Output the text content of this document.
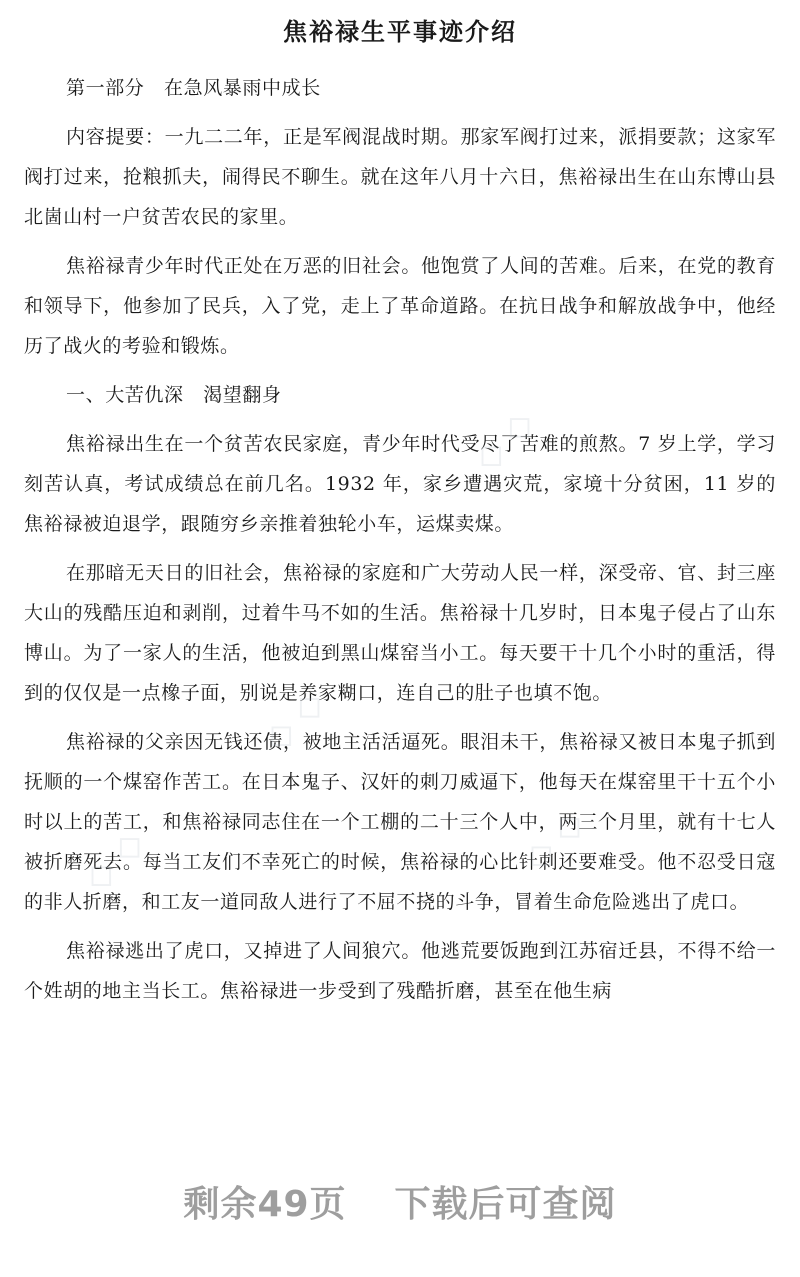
焦裕禄生平事迹介绍

第一部分　在急风暴雨中成长

内容提要：一九二二年，正是军阀混战时期。那家军阀打过来，派捐要款；这家军阀打过来，抢粮抓夫，闹得民不聊生。就在这年八月十六日，焦裕禄出生在山东博山县北崮山村一户贫苦农民的家里。

焦裕禄青少年时代正处在万恶的旧社会。他饱赏了人间的苦难。后来，在党的教育和领导下，他参加了民兵，入了党，走上了革命道路。在抗日战争和解放战争中，他经历了战火的考验和锻炼。

一、大苦仇深　渴望翻身

焦裕禄出生在一个贫苦农民家庭，青少年时代受尽了苦难的煎熬。7 岁上学，学习刻苦认真，考试成绩总在前几名。1932 年，家乡遭遇灾荒，家境十分贫困，11 岁的焦裕禄被迫退学，跟随穷乡亲推着独轮小车，运煤卖煤。

在那暗无天日的旧社会，焦裕禄的家庭和广大劳动人民一样，深受帝、官、封三座大山的残酷压迫和剥削，过着牛马不如的生活。焦裕禄十几岁时，日本鬼子侵占了山东博山。为了一家人的生活，他被迫到黑山煤窑当小工。每天要干十几个小时的重活，得到的仅仅是一点橡子面，别说是养家糊口，连自己的肚子也填不饱。

焦裕禄的父亲因无钱还债，被地主活活逼死。眼泪未干，焦裕禄又被日本鬼子抓到抚顺的一个煤窑作苦工。在日本鬼子、汉奸的刺刀威逼下，他每天在煤窑里干十五个小时以上的苦工，和焦裕禄同志住在一个工棚的二十三个人中，两三个月里，就有十七人被折磨死去。每当工友们不幸死亡的时候，焦裕禄的心比针刺还要难受。他不忍受日寇的非人折磨，和工友一道同敌人进行了不屈不挠的斗争，冒着生命危险逃出了虎口。

焦裕禄逃出了虎口，又掉进了人间狼穴。他逃荒要饭跑到江苏宿迁县，不得不给一个姓胡的地主当长工。焦裕禄进一步受到了残酷折磨，甚至在他生病

◇ ◇
◇ ◇
◇ ◇	◇ ◇
剩余49页 下载后可查阅
